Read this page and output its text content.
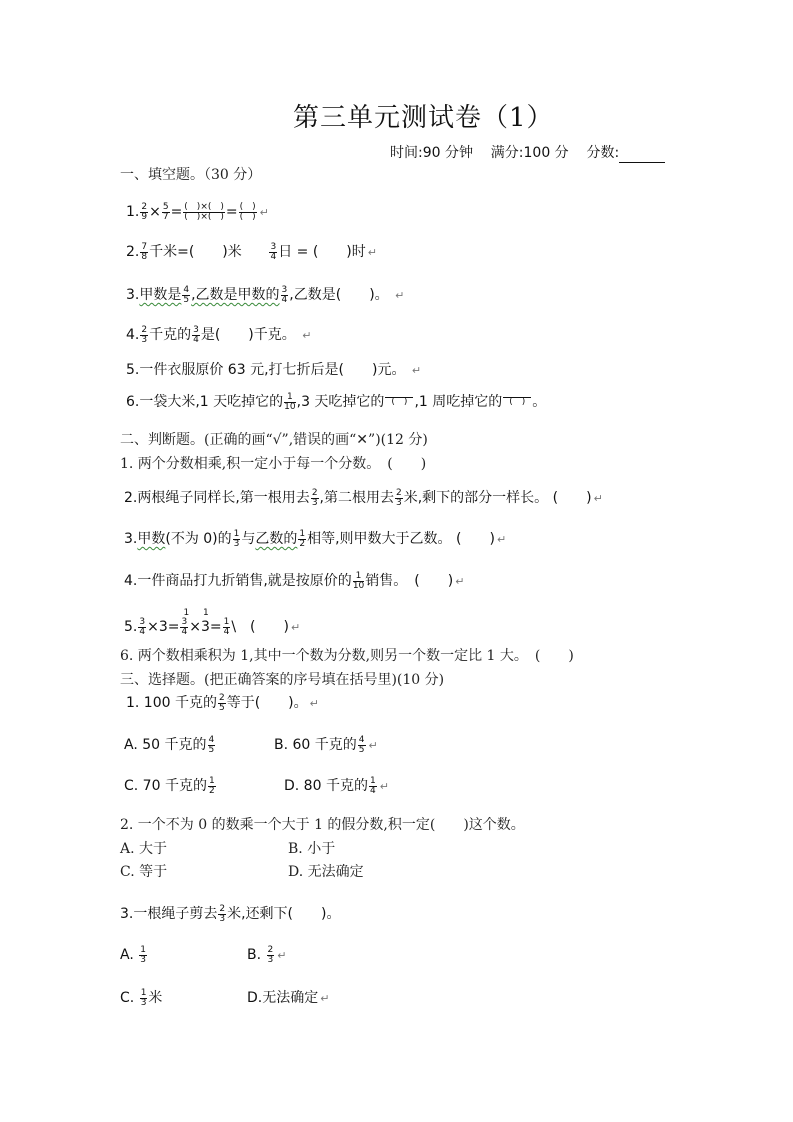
第三单元测试卷（1）
时间:90 分钟 满分:100 分 分数:
一、填空题。（30 分）
1. $\frac{2}{9} \times \frac{5}{7} = \frac{( )\times( )}{( )\times( )} = \frac{( )}{( )}$ ↵
2. $\frac{7}{8}$ 千米=(　　)米	$\frac{3}{4}$ 日 = (　　)时 ↵
3.甲数是 $\frac{4}{5}$ ,乙数是甲数的 $\frac{3}{4}$ ,乙数是(　　)。 ↵
4. $\frac{2}{3}$ 千克的 $\frac{3}{4}$ 是(　　)千克。 ↵
5.一件衣服原价 63 元,打七折后是(　　)元。 ↵
6.一袋大米,1 天吃掉它的 $\frac{1}{10} ,3$ 天吃掉它的 (　) ,1 周吃掉它的 (　) 。
二、判断题。(正确的画“√”,错误的画“✕”)(12 分)
1. 两个分数相乘,积一定小于每一个分数。　(　　)
2.两根绳子同样长,第一根用去 $\frac{2}{3}$ ,第二根用去 $\frac{2}{3}$ 米,剩下的部分一样长。 (　　) ↵
3.甲数(不为 0)的 $\frac{1}{3}$ 与乙数的 $\frac{1}{2}$ 相等,则甲数大于乙数。 (　　) ↵
4.一件商品打九折销售,就是按原价的 $\frac{1}{10}$ 销售。　(　　) ↵
5. $\frac{3}{4} \times 3=$
1
$\frac{3}{4}$ ×
1
$3= \frac{1}{4}$ \　(　　) ↵
6. 两个数相乘积为 1,其中一个数为分数,则另一个数一定比 1 大。　(　　)
三、选择题。(把正确答案的序号填在括号里)(10 分)
1. 100 千克的 $\frac{2}{5}$ 等于(　　)。 ↵
A. 50 千克的 $\frac{4}{5}$	B. 60 千克的 $\frac{4}{5}$ ↵
C. 70 千克的 $\frac{1}{2}$	D. 80 千克的 $\frac{1}{4}$ ↵
2. 一个不为 0 的数乘一个大于 1 的假分数,积一定(　　)这个数。
A. 大于	B. 小于
C. 等于	D. 无法确定
3.一根绳子剪去 $\frac{2}{3}$ 米,还剩下(　　)。
A. $\frac{1}{3}$	B. $\frac{2}{3}$ ↵
C. $\frac{1}{3}$ 米	D.无法确定 ↵
